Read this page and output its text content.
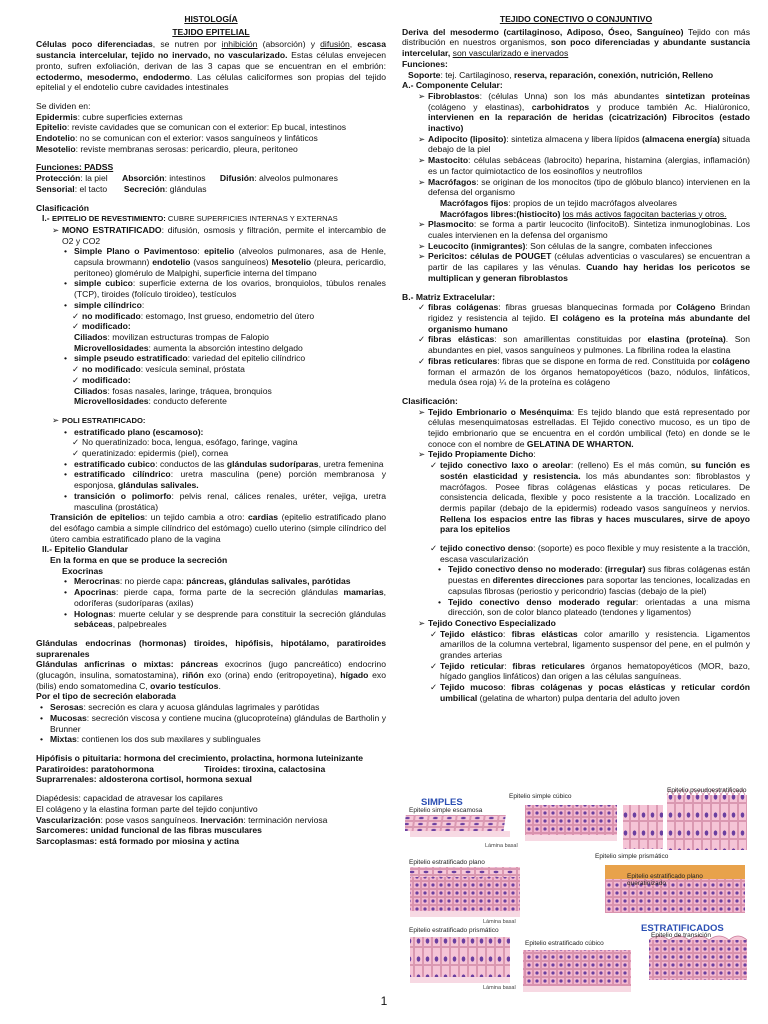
HISTOLOGÍA

TEJIDO EPITELIAL

Células poco diferenciadas, se nutren por inhibición (absorción) y difusión, escasa sustancia intercelular, tejido no inervado, no vascularizado. Estas células envejecen pronto, sufren exfoliación, derivan de las 3 capas que se encuentran en el embrión: ectodermo, mesodermo, endodermo. Las células caliciformes son propias del tejido epitelial y el endotelio cubre cavidades intestinales

Se dividen en:

Epidermis: cubre superficies externas

Epitelio: reviste cavidades que se comunican con el exterior: Ep bucal, intestinos

Endotelio: no se comunican con el exterior: vasos sanguíneos y linfáticos

Mesotelio: reviste membranas serosas: pericardio, pleura, peritoneo

Funciones: PADSS

Protección: la piel      Absorción: intestinos      Difusión: alveolos pulmonares

Sensorial: el tacto       Secreción: glándulas

Clasificación

I.- EPITELIO DE REVESTIMIENTO: CUBRE SUPERFICIES INTERNAS Y EXTERNAS

➢ MONO ESTRATIFICADO: difusión, osmosis y filtración, permite el intercambio de O2 y CO2

• Simple Plano o Pavimentoso: epitelio (alveolos pulmonares, asa de Henle, capsula browmann) endotelio (vasos sanguíneos) Mesotelio (pleura, pericardio, peritoneo) glomérulo de Malpighi, superficie interna del tímpano

• simple cubico: superficie externa de los ovarios, bronquiolos, túbulos renales (TCP), tiroides (folículo tiroideo), testículos

• simple cilíndrico:

✓ no modificado: estomago, Inst grueso, endometrio del útero

✓ modificado:

Ciliados: movilizan estructuras trompas de Falopio

Microvellosidades: aumenta la absorción intestino delgado

• simple pseudo estratificado: variedad del epitelio cilíndrico

✓ no modificado: vesícula seminal, próstata

✓ modificado:

Ciliados: fosas nasales, laringe, tráquea, bronquios

Microvellosidades: conducto deferente

➢ POLI ESTRATIFICADO:

• estratificado plano (escamoso):

✓ No queratinizado: boca, lengua, esófago, faringe, vagina

✓ queratinizado: epidermis (piel), cornea

• estratificado cubico: conductos de las glándulas sudoríparas, uretra femenina

• estratificado cilíndrico: uretra masculina (pene) porción membranosa y esponjosa, glándulas salivales.

• transición o polimorfo: pelvis renal, cálices renales, uréter, vejiga, uretra masculina (prostática)

Transición de epitelios: un tejido cambia a otro: cardias (epitelio estratificado plano del esófago cambia a simple cilíndrico del estómago) cuello uterino (simple cilíndrico del útero cambia estratificado plano de la vagina

II.- Epitelio Glandular

En la forma en que se produce la secreción

Exocrinas

• Merocrinas: no pierde capa: páncreas, glándulas salivales, parótidas

• Apocrinas: pierde capa, forma parte de la secreción glándulas mamarias, odoríferas (sudoríparas (axilas)

• Holognas: muerte celular y se desprende para constituir la secreción glándulas sebáceas, palpebreales

Glándulas endocrinas (hormonas) tiroides, hipófisis, hipotálamo, paratiroides suprarenales

Glándulas anficrinas o mixtas: páncreas exocrinos (jugo pancreático) endocrino (glucagón, insulina, somatostamina), riñón exo (orina) endo (eritropoyetina), hígado exo (bilis) endo somatomedina C, ovario testículos.

Por el tipo de secreción elaborada

• Serosas: secreción es clara y acuosa glándulas lagrimales y parótidas

• Mucosas: secreción viscosa y contiene mucina (glucoproteína) glándulas de Bartholin y Brunner

• Mixtas: contienen los dos sub maxilares y sublinguales

Hipófisis o pituitaria: hormona del crecimiento, prolactina, hormona luteinizante

Paratiroides: paratohormona                     Tiroides: tiroxina, calactosina

Suprarrenales: aldosterona cortisol, hormona sexual

Diapédesis: capacidad de atravesar los capilares

El colágeno y la elastina forman parte del tejido conjuntivo

Vascularización: pose vasos sanguíneos. Inervación: terminación nerviosa

Sarcomeres: unidad funcional de las fibras musculares

Sarcoplasmas: está formado por miosina y actina

TEJIDO CONECTIVO O CONJUNTIVO

Deriva del mesodermo (cartilaginoso, Adiposo, Óseo, Sanguíneo) Tejido con más distribución en nuestros organismos, son poco diferenciadas y abundante sustancia intercelular, son vascularizado e inervados

Funciones:

Soporte: tej. Cartilaginoso, reserva, reparación, conexión, nutrición, Relleno

A.- Componente Celular:

➢ Fibroblastos: (células Unna) son los más abundantes sintetizan proteínas (colágeno y elastinas), carbohidratos y produce también Ac. Hialúronico, intervienen en la reparación de heridas (cicatrización) Fibrocitos (estado inactivo)

➢ Adipocito (liposito): sintetiza almacena y libera lípidos (almacena energía) situada debajo de la piel

➢ Mastocito: células sebáceas (labrocito) heparina, histamina (alergias, inflamación) es un factor quimiotactico de los eosinofilos y neutrofilos

➢ Macrófagos: se originan de los monocitos (tipo de glóbulo blanco) intervienen en la defensa del organismo

Macrófagos fijos: propios de un tejido macrófagos alveolares

Macrófagos libres:(histiocito) los más activos fagocitan bacterias y otros.

➢ Plasmocito: se forma a partir leucocito (linfocitoB). Sintetiza inmunoglobinas. Los cuales intervienen en la defensa del organismo

➢ Leucocito (inmigrantes): Son células de la sangre, combaten infecciones

➢ Pericitos: células de POUGET (células adventicias o vasculares) se encuentran a partir de las capilares y las vénulas. Cuando hay heridas los pericotos se multiplican y generan fibroblastos

B.- Matriz Extracelular:

✓ fibras colágenas: fibras gruesas blanquecinas formada por Colágeno Brindan rigidez y resistencia al tejido. El colágeno es la proteína más abundante del organismo humano

✓ fibras elásticas: son amarillentas constituidas por elastina (proteína). Son abundantes en piel, vasos sanguíneos y pulmones. La fibrilina rodea la elastina

✓ fibras reticulares: fibras que se dispone en forma de red. Constituida por colágeno forman el armazón de los órganos hematopoyéticos (bazo, nódulos, linfáticos, medula ósea roja) ¼ de la proteína es colágeno

Clasificación:

➢ Tejido Embrionario o Mesénquima: Es tejido blando que está representado por células mesenquimatosas estrelladas. El Tejido conectivo mucoso, es un tipo de tejido embrionario que se encuentra en el cordón umbilical (feto) en donde se le conoce con el nombre de GELATINA DE WHARTON.

➢ Tejido Propiamente Dicho:

✓ tejido conectivo laxo o areolar: (relleno) Es el más común, su función es sostén elasticidad y resistencia. los más abundantes son: fibroblastos y macrófagos. Posee fibras colágenas elásticas y pocas reticulares. De consistencia delicada, flexible y poco resistente a la tracción. Localizado en dermis papilar (debajo de la epidermis) rodeado vasos sanguíneos y nervios. Rellena los espacios entre las fibras y haces musculares, sirve de apoyo para los epitelios

✓ tejido conectivo denso: (soporte) es poco flexible y muy resistente a la tracción, escasa vascularización

• Tejido conectivo denso no moderado: (irregular) sus fibras colágenas están puestas en diferentes direcciones para soportar las tenciones, localizadas en capsulas fibrosas (periostio y pericondrio) fascias (debajo de la piel)

• Tejido conectivo denso moderado regular: orientadas a una misma dirección, son de color blanco plateado (tendones y ligamentos)

➢ Tejido Conectivo Especializado

✓ Tejido elástico: fibras elásticas color amarillo y resistencia. Ligamentos amarillos de la columna vertebral, ligamento suspensor del pene, en el pulmón y grandes arterias

✓ Tejido reticular: fibras reticulares órganos hematopoyéticos (MOR, bazo, hígado ganglios linfáticos) dan origen a las células sanguíneas.

✓ Tejido mucoso: fibras colágenas y pocas elásticas y reticular cordón umbilical (gelatina de wharton) pulpa dentaria del adulto joven

SIMPLES
ESTRATIFICADOS
Epitelio simple cúbico
Epitelio pseudoestratificado
Epitelio simple escamosa
Epitelio simple prismático
Epitelio estratificado plano
Epitelio estratificado plano queratinizado
Epitelio estratificado prismático
Epitelio estratificado cúbico
Epitelio de transición
Lámina basal
Lámina basal
Lámina basal
1
